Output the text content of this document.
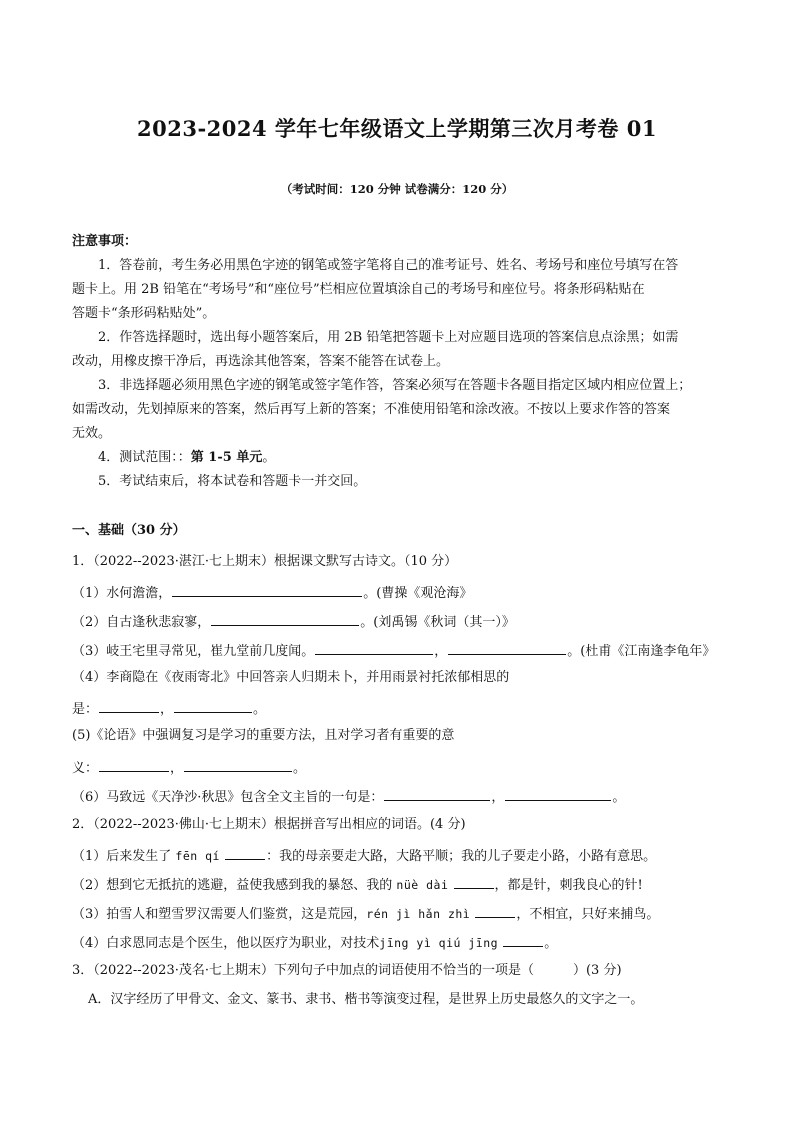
2023-2024 学年七年级语文上学期第三次月考卷 01
（考试时间：120 分钟 试卷满分：120 分）
注意事项：
1．答卷前，考生务必用黑色字迹的钢笔或签字笔将自己的准考证号、姓名、考场号和座位号填写在答
题卡上。用 2B 铅笔在“考场号”和“座位号”栏相应位置填涂自己的考场号和座位号。将条形码粘贴在
答题卡“条形码粘贴处”。
2．作答选择题时，选出每小题答案后，用 2B 铅笔把答题卡上对应题目选项的答案信息点涂黑；如需
改动，用橡皮擦干净后，再选涂其他答案，答案不能答在试卷上。
3．非选择题必须用黑色字迹的钢笔或签字笔作答，答案必须写在答题卡各题目指定区域内相应位置上；
如需改动，先划掉原来的答案，然后再写上新的答案；不准使用铅笔和涂改液。不按以上要求作答的答案
无效。
4．测试范围：：第 1-5 单元。
5．考试结束后，将本试卷和答题卡一并交回。
一、基础（30 分）
1．（2022--2023·湛江·七上期末）根据课文默写古诗文。（10 分）
（1）水何澹澹，	。(曹操《观沧海》
（2）自古逢秋悲寂寥，	。(刘禹锡《秋词（其一）》
（3）岐王宅里寻常见，崔九堂前几度闻。	，	。(杜甫《江南逢李龟年》
（4）李商隐在《夜雨寄北》中回答亲人归期未卜，并用雨景衬托浓郁相思的
是：	，	。
(5)《论语》中强调复习是学习的重要方法，且对学习者有重要的意
义：	，	。
（6）马致远《天净沙·秋思》包含全文主旨的一句是：	，	。
2．（2022--2023·佛山·七上期末）根据拼音写出相应的词语。(4 分)
（1）后来发生了 fēn qí	：我的母亲要走大路，大路平顺；我的儿子要走小路，小路有意思。
（2）想到它无抵抗的逃避，益使我感到我的暴怒、我的 nüè dài	，都是针，刺我良心的针!
（3）拍雪人和塑雪罗汉需要人们鉴赏，这是荒园，rén jì hǎn zhì	，不相宜，只好来捕鸟。
（4）白求恩同志是个医生，他以医疗为职业，对技术jīng yì qiú jīng	。
3．（2022--2023·茂名·七上期末）下列句子中加点的词语使用不恰当的一项是（　　　）(3 分)
A．汉字经历了甲骨文、金文、篆书、隶书、楷书等演变过程，是世界上历史最悠久的文字之一。
